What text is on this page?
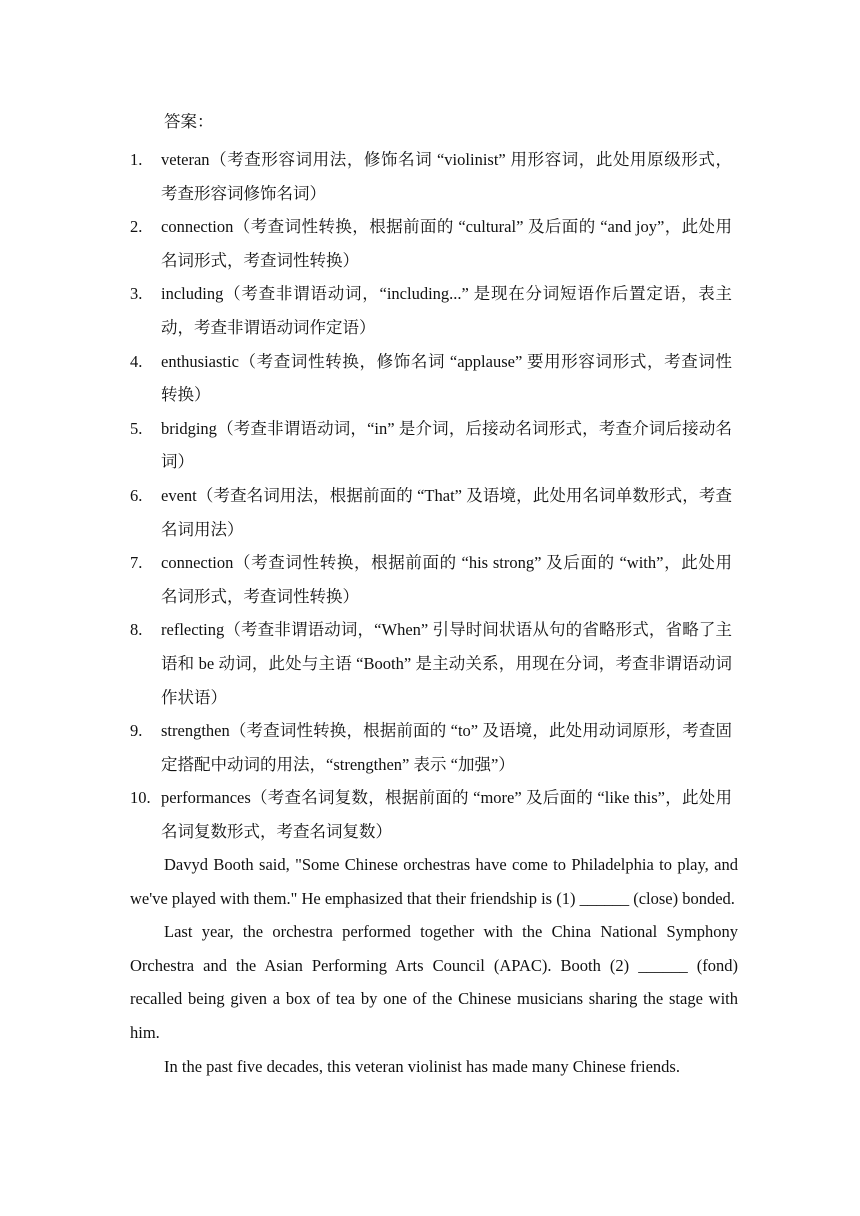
答案：
1. veteran（考查形容词用法，修饰名词 “violinist” 用形容词，此处用原级形式，考查形容词修饰名词）
2. connection（考查词性转换，根据前面的 “cultural” 及后面的 “and joy”，此处用名词形式，考查词性转换）
3. including（考查非谓语动词，“including...” 是现在分词短语作后置定语，表主动，考查非谓语动词作定语）
4. enthusiastic（考查词性转换，修饰名词 “applause” 要用形容词形式，考查词性转换）
5. bridging（考查非谓语动词，“in” 是介词，后接动名词形式，考查介词后接动名词）
6. event（考查名词用法，根据前面的 “That” 及语境，此处用名词单数形式，考查名词用法）
7. connection（考查词性转换，根据前面的 “his strong” 及后面的 “with”，此处用名词形式，考查词性转换）
8. reflecting（考查非谓语动词，“When” 引导时间状语从句的省略形式，省略了主语和 be 动词，此处与主语 “Booth” 是主动关系，用现在分词，考查非谓语动词作状语）
9. strengthen（考查词性转换，根据前面的 “to” 及语境，此处用动词原形，考查固定搭配中动词的用法，“strengthen” 表示 “加强”）
10. performances（考查名词复数，根据前面的 “more” 及后面的 “like this”，此处用名词复数形式，考查名词复数）

Davyd Booth said, "Some Chinese orchestras have come to Philadelphia to play, and we've played with them." He emphasized that their friendship is (1) ______ (close) bonded.

Last year, the orchestra performed together with the China National Symphony Orchestra and the Asian Performing Arts Council (APAC). Booth (2) ______ (fond) recalled being given a box of tea by one of the Chinese musicians sharing the stage with him.

In the past five decades, this veteran violinist has made many Chinese friends.
